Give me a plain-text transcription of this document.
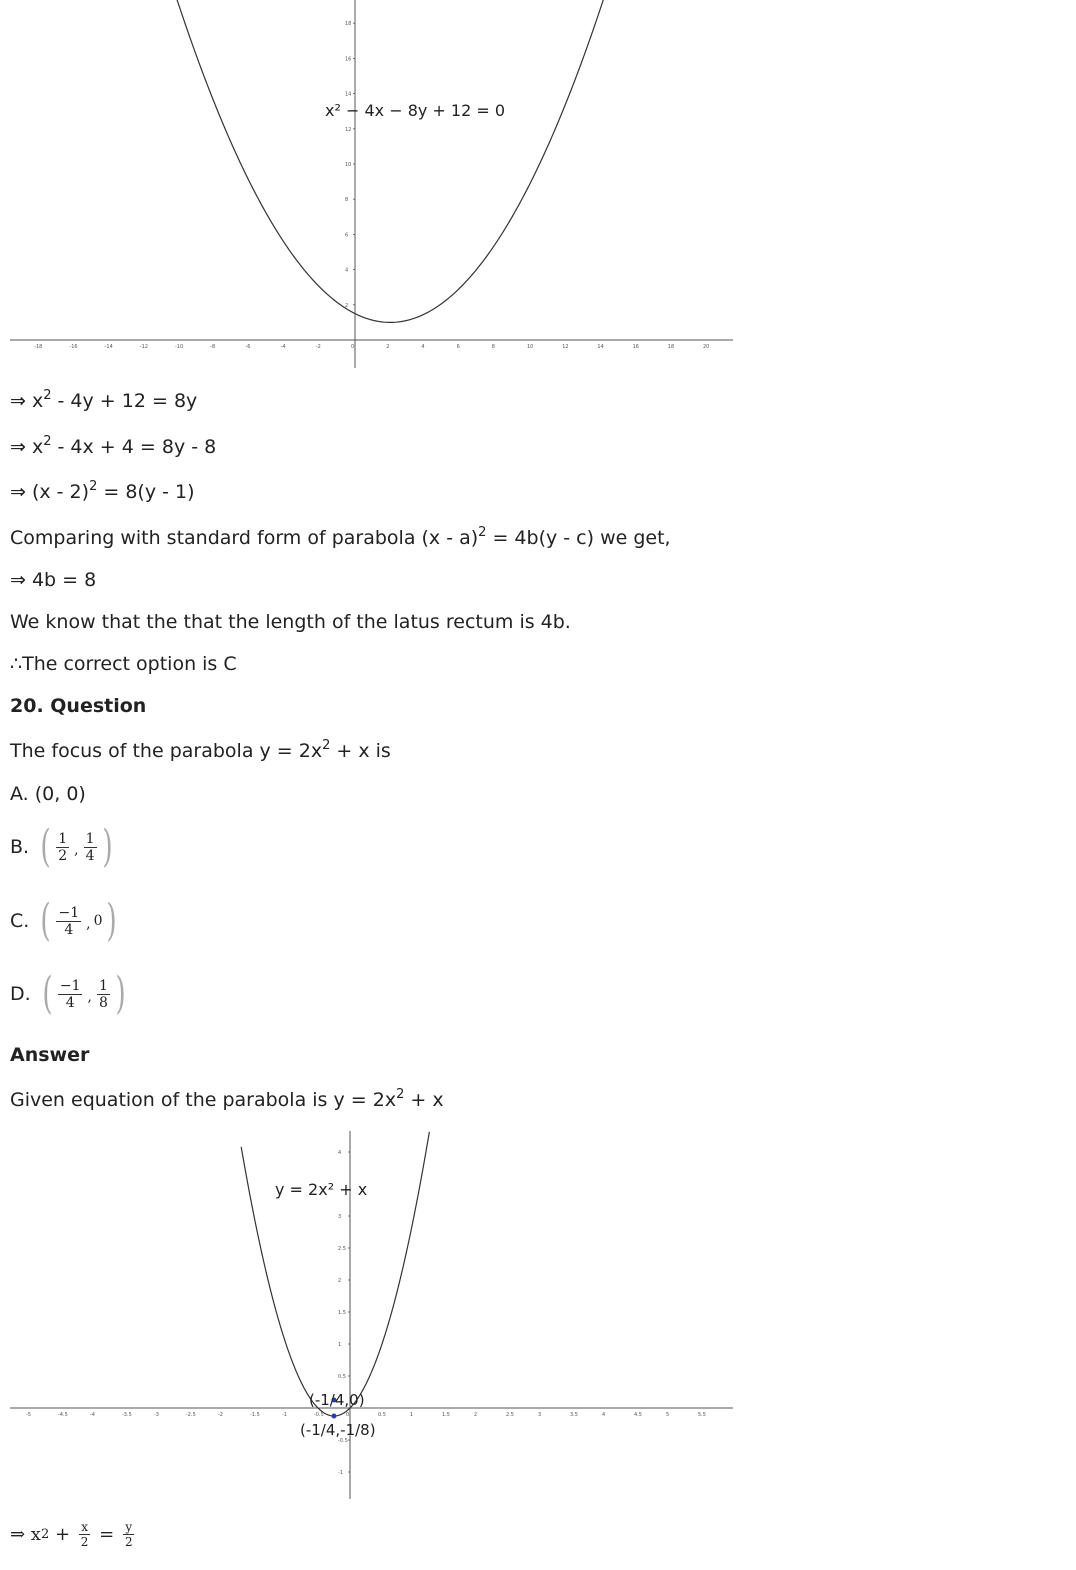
-18	-16	-14	-12	-10	-8	-6	-4	-2	0	2	4	6	8	10	12	14	16	18	20
2
4
6
8
10
12
14
16
18
x² − 4x − 8y + 12 = 0
⇒ $x^2 - 4y + 12 = 8y$
⇒ $x^2 - 4x + 4 = 8y - 8$
⇒ (x - 2)$^2$ = 8(y - 1)
Comparing with standard form of parabola (x - a)$^2$ = 4b(y - c) we get,
⇒ 4b = 8
We know that the that the length of the latus rectum is 4b.
∴The correct option is C
20. Question
The focus of the parabola $y = 2x^2 + x$ is
A. (0, 0)
B. ( $\frac{1}{2}$ , $\frac{1}{4}$ )
C. ( $\frac{-1}{4}$ , 0 )
D. ( $\frac{-1}{4}$ , $\frac{1}{8}$ )
Answer
Given equation of the parabola is $y = 2x^2 + x$
-5	-4.5	-4	-3.5	-3	-2.5	-2	-1.5	-1	-0.5	0	0.5	1	1.5	2	2.5	3	3.5	4	4.5	5	5.5
-1
-0.5
0.5
1
1.5
2
2.5
3
4
y = 2x² + x
(-1/4,0)
(-1/4,-1/8)
⇒ x $2 + \frac{x}{2} = \frac{y}{2}$
